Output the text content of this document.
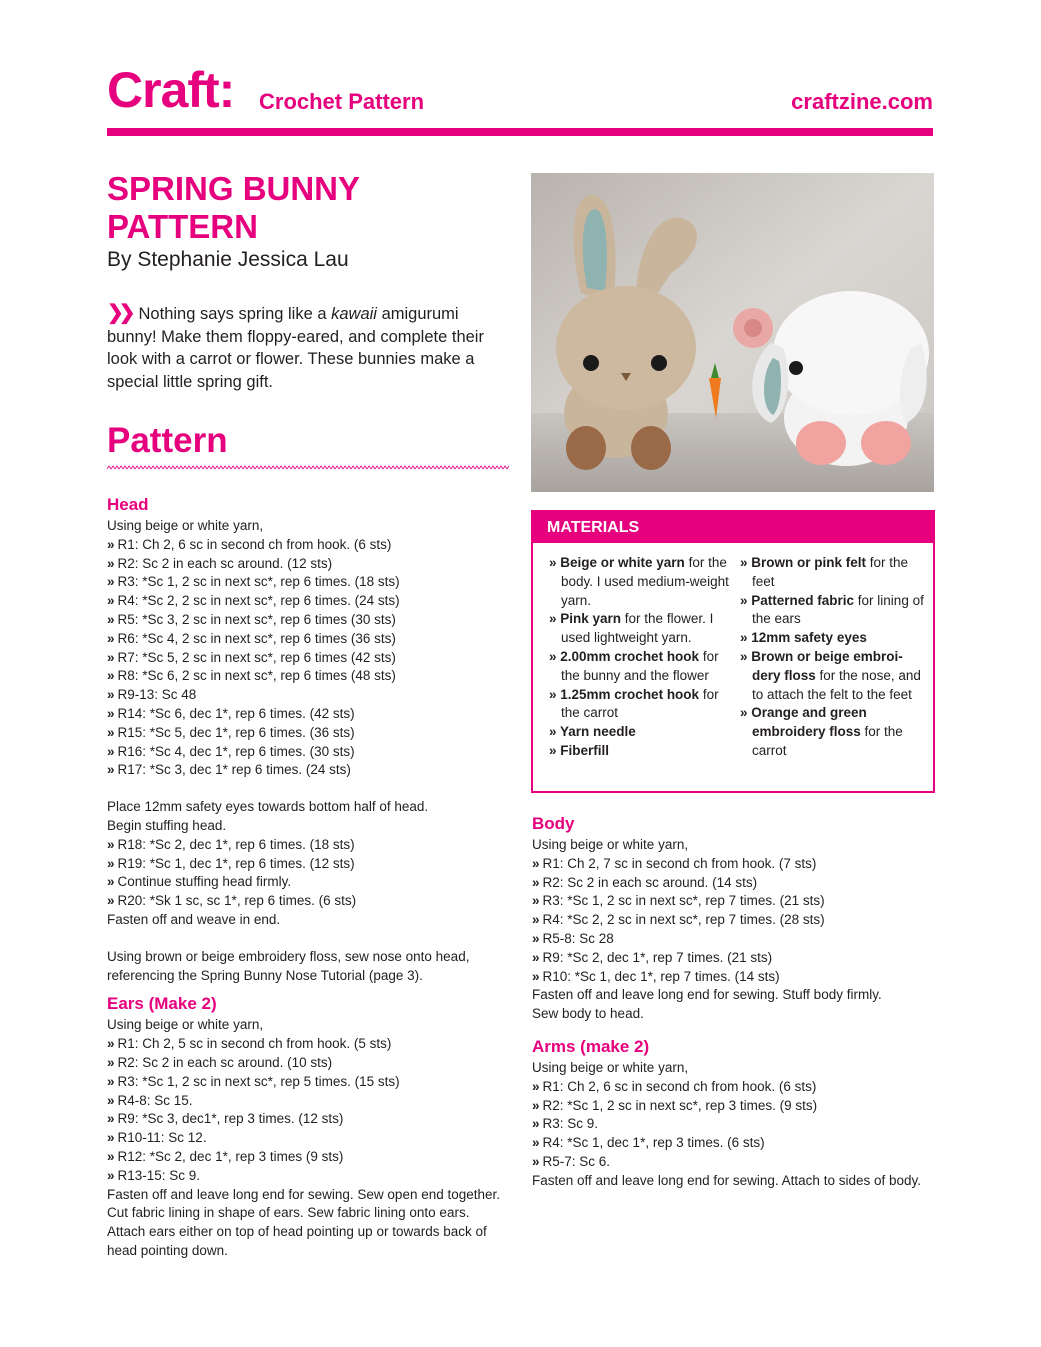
Craft: Crochet Pattern	craftzine.com
SPRING BUNNY PATTERN
By Stephanie Jessica Lau
❯❯ Nothing says spring like a kawaii amigurumi bunny! Make them floppy-eared, and complete their look with a carrot or flower. These bunnies make a special little spring gift.
Pattern
Head

Using beige or white yarn,

» R1: Ch 2, 6 sc in second ch from hook. (6 sts)

» R2: Sc 2 in each sc around. (12 sts)

» R3: *Sc 1, 2 sc in next sc*, rep 6 times. (18 sts)

» R4: *Sc 2, 2 sc in next sc*, rep 6 times. (24 sts)

» R5: *Sc 3, 2 sc in next sc*, rep 6 times (30 sts)

» R6: *Sc 4, 2 sc in next sc*, rep 6 times (36 sts)

» R7: *Sc 5, 2 sc in next sc*, rep 6 times (42 sts)

» R8: *Sc 6, 2 sc in next sc*, rep 6 times (48 sts)

» R9-13: Sc 48

» R14: *Sc 6, dec 1*, rep 6 times. (42 sts)

» R15: *Sc 5, dec 1*, rep 6 times. (36 sts)

» R16: *Sc 4, dec 1*, rep 6 times. (30 sts)

» R17: *Sc 3, dec 1* rep 6 times. (24 sts)

Place 12mm safety eyes towards bottom half of head.

Begin stuffing head.

» R18: *Sc 2, dec 1*, rep 6 times. (18 sts)

» R19: *Sc 1, dec 1*, rep 6 times. (12 sts)

» Continue stuffing head firmly.

» R20: *Sk 1 sc, sc 1*, rep 6 times. (6 sts)

Fasten off and weave in end.

Using brown or beige embroidery floss, sew nose onto head,

referencing the Spring Bunny Nose Tutorial (page 3).

Ears (Make 2)

Using beige or white yarn,

» R1: Ch 2, 5 sc in second ch from hook. (5 sts)

» R2: Sc 2 in each sc around. (10 sts)

» R3: *Sc 1, 2 sc in next sc*, rep 5 times. (15 sts)

» R4-8: Sc 15.

» R9: *Sc 3, dec1*, rep 3 times. (12 sts)

» R10-11: Sc 12.

» R12: *Sc 2, dec 1*, rep 3 times (9 sts)

» R13-15: Sc 9.

Fasten off and leave long end for sewing. Sew open end together.

Cut fabric lining in shape of ears. Sew fabric lining onto ears.

Attach ears either on top of head pointing up or towards back of

head pointing down.

MATERIALS

» Beige or white yarn for the body. I used medium-weight yarn.

» Pink yarn for the flower. I used lightweight yarn.

» 2.00mm crochet hook for the bunny and the flower

» 1.25mm crochet hook for the carrot

» Yarn needle

» Fiberfill

» Brown or pink felt for the feet

» Patterned fabric for lining of the ears

» 12mm safety eyes

» Brown or beige embroidery floss for the nose, and to attach the felt to the feet

» Orange and green embroidery floss for the carrot

Body

Using beige or white yarn,

» R1: Ch 2, 7 sc in second ch from hook. (7 sts)

» R2: Sc 2 in each sc around. (14 sts)

» R3: *Sc 1, 2 sc in next sc*, rep 7 times. (21 sts)

» R4: *Sc 2, 2 sc in next sc*, rep 7 times. (28 sts)

» R5-8: Sc 28

» R9: *Sc 2, dec 1*, rep 7 times. (21 sts)

» R10: *Sc 1, dec 1*, rep 7 times. (14 sts)

Fasten off and leave long end for sewing. Stuff body firmly.

Sew body to head.

Arms (make 2)

Using beige or white yarn,

» R1: Ch 2, 6 sc in second ch from hook. (6 sts)

» R2: *Sc 1, 2 sc in next sc*, rep 3 times. (9 sts)

» R3: Sc 9.

» R4: *Sc 1, dec 1*, rep 3 times. (6 sts)

» R5-7: Sc 6.

Fasten off and leave long end for sewing. Attach to sides of body.
